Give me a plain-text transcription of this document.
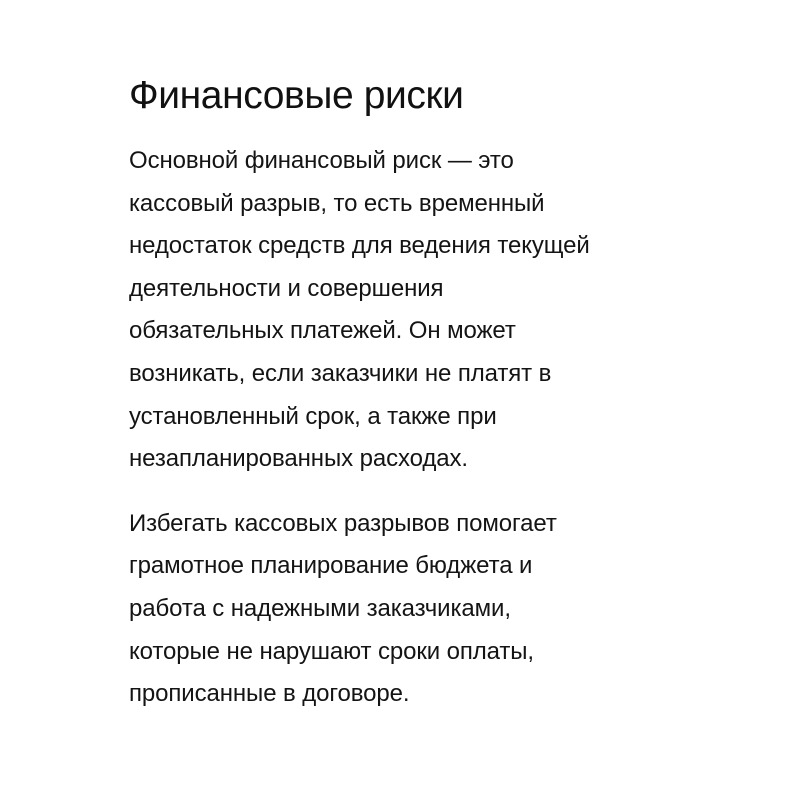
Финансовые риски

Основной финансовый риск — это
кассовый разрыв, то есть временный
недостаток средств для ведения текущей
деятельности и совершения
обязательных платежей. Он может
возникать, если заказчики не платят в
установленный срок, а также при
незапланированных расходах.

Избегать кассовых разрывов помогает
грамотное планирование бюджета и
работа с надежными заказчиками,
которые не нарушают сроки оплаты,
прописанные в договоре.
